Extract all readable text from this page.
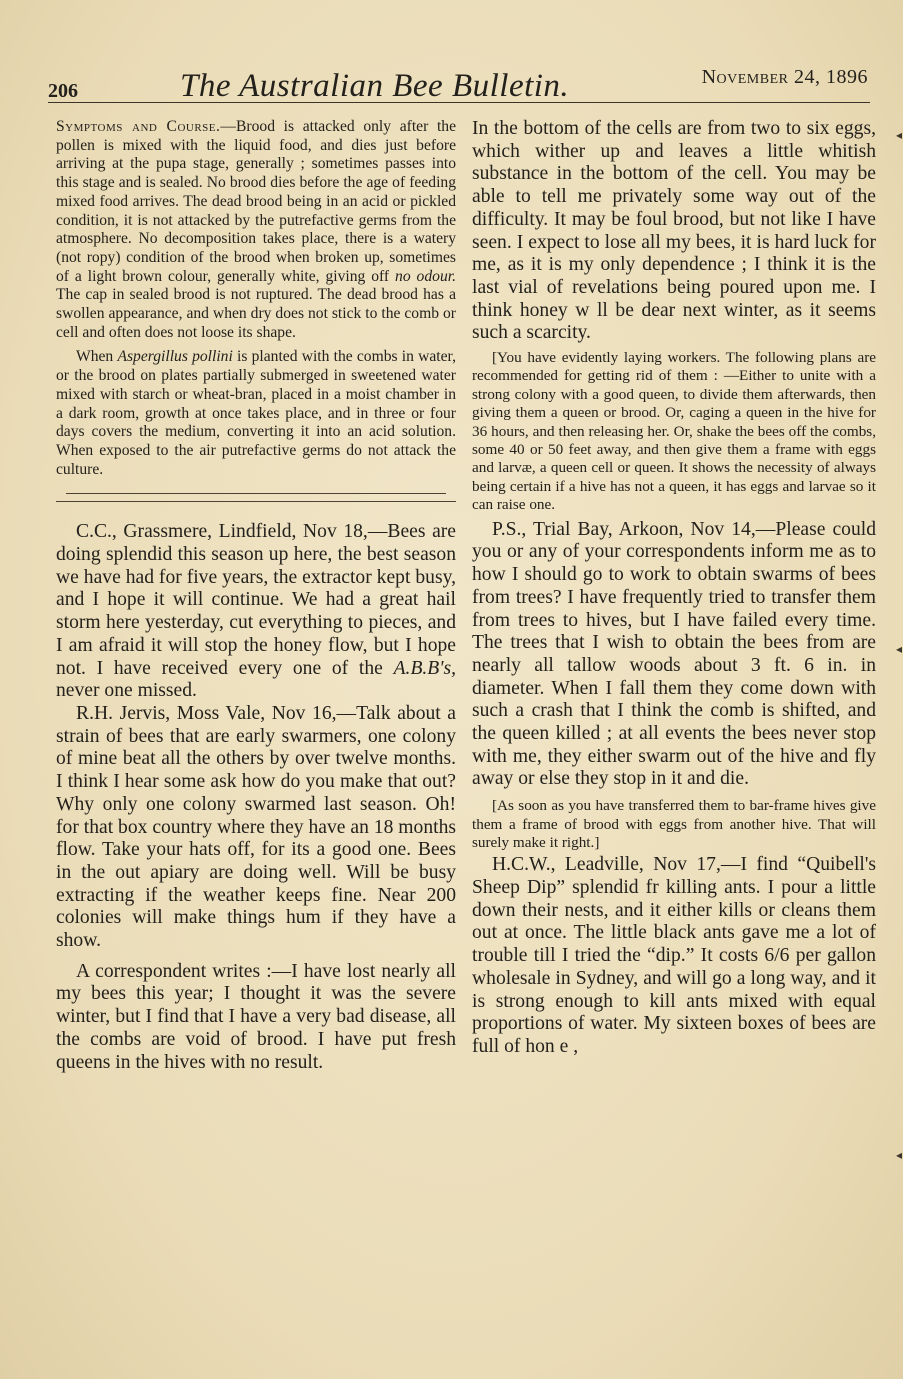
206	The Australian Bee Bulletin.	November 24, 1896

Symptoms and Course.—Brood is attacked only after the pollen is mixed with the liquid food, and dies just before arriving at the pupa stage, generally ; sometimes passes into this stage and is sealed. No brood dies before the age of feeding mixed food arrives. The dead brood being in an acid or pickled condition, it is not attacked by the putrefactive germs from the atmosphere. No decomposition takes place, there is a watery (not ropy) condition of the brood when broken up, sometimes of a light brown colour, generally white, giving off no odour. The cap in sealed brood is not ruptured. The dead brood has a swollen appearance, and when dry does not stick to the comb or cell and often does not loose its shape.

When Aspergillus pollini is planted with the combs in water, or the brood on plates partially submerged in sweetened water mixed with starch or wheat-bran, placed in a moist chamber in a dark room, growth at once takes place, and in three or four days covers the medium, converting it into an acid solution. When exposed to the air putrefactive germs do not attack the culture.

C.C., Grassmere, Lindfield, Nov 18,—Bees are doing splendid this season up here, the best season we have had for five years, the extractor kept busy, and I hope it will continue. We had a great hail storm here yesterday, cut everything to pieces, and I am afraid it will stop the honey flow, but I hope not. I have received every one of the A.B.B's, never one missed.

R.H. Jervis, Moss Vale, Nov 16,—Talk about a strain of bees that are early swarmers, one colony of mine beat all the others by over twelve months. I think I hear some ask how do you make that out? Why only one colony swarmed last season. Oh! for that box country where they have an 18 months flow. Take your hats off, for its a good one. Bees in the out apiary are doing well. Will be busy extracting if the weather keeps fine. Near 200 colonies will make things hum if they have a show.

A correspondent writes :—I have lost nearly all my bees this year; I thought it was the severe winter, but I find that I have a very bad disease, all the combs are void of brood. I have put fresh queens in the hives with no result.

In the bottom of the cells are from two to six eggs, which wither up and leaves a little whitish substance in the bottom of the cell. You may be able to tell me privately some way out of the difficulty. It may be foul brood, but not like I have seen. I expect to lose all my bees, it is hard luck for me, as it is my only dependence ; I think it is the last vial of revelations being poured upon me. I think honey w ll be dear next winter, as it seems such a scarcity.

[You have evidently laying workers. The following plans are recommended for getting rid of them : —Either to unite with a strong colony with a good queen, to divide them afterwards, then giving them a queen or brood. Or, caging a queen in the hive for 36 hours, and then releasing her. Or, shake the bees off the combs, some 40 or 50 feet away, and then give them a frame with eggs and larvæ, a queen cell or queen. It shows the necessity of always being certain if a hive has not a queen, it has eggs and larvae so it can raise one.

P.S., Trial Bay, Arkoon, Nov 14,—Please could you or any of your correspondents inform me as to how I should go to work to obtain swarms of bees from trees? I have frequently tried to transfer them from trees to hives, but I have failed every time. The trees that I wish to obtain the bees from are nearly all tallow woods about 3 ft. 6 in. in diameter. When I fall them they come down with such a crash that I think the comb is shifted, and the queen killed ; at all events the bees never stop with me, they either swarm out of the hive and fly away or else they stop in it and die.

[As soon as you have transferred them to bar-frame hives give them a frame of brood with eggs from another hive. That will surely make it right.]

H.C.W., Leadville, Nov 17,—I find “Quibell's Sheep Dip” splendid fr killing ants. I pour a little down their nests, and it either kills or cleans them out at once. The little black ants gave me a lot of trouble till I tried the “dip.” It costs 6/6 per gallon wholesale in Sydney, and will go a long way, and it is strong enough to kill ants mixed with equal proportions of water. My sixteen boxes of bees are full of hon e ,

◂
◂
◂
